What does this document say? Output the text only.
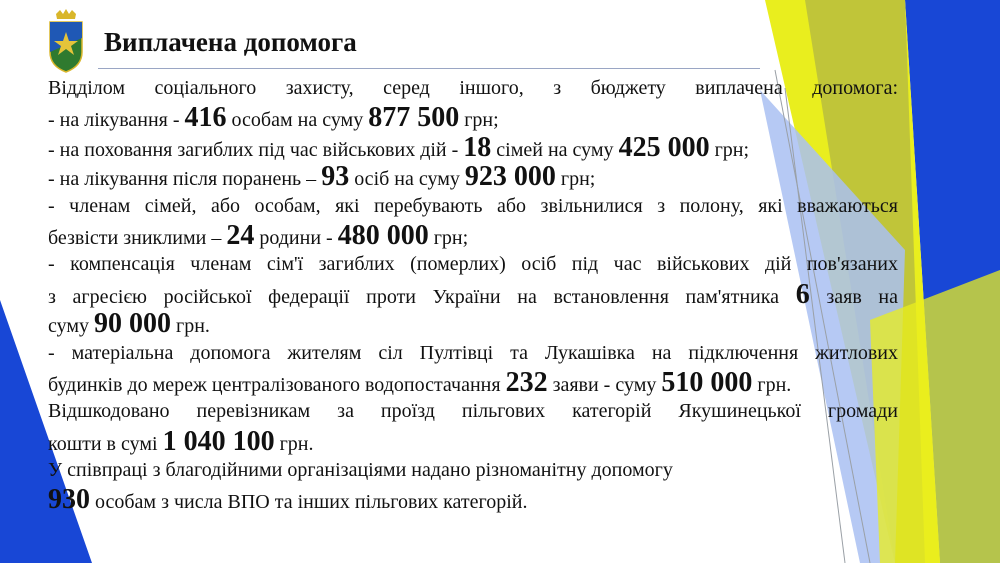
Виплачена допомога
Відділом соціального захисту, серед іншого, з бюджету виплачена допомога:
- на лікування - 416 особам на суму 877 500 грн;
- на поховання загиблих під час військових дій - 18 сімей на суму 425 000 грн;
- на лікування після поранень – 93 осіб на суму 923 000 грн;
- членам сімей, або особам, які перебувають або звільнилися з полону, які вважаються
безвісти зниклими – 24 родини - 480 000 грн;
- компенсація членам сім'ї загиблих (померлих) осіб під час військових дій пов'язаних
з агресією російської федерації проти України на встановлення пам'ятника 6 заяв на
суму 90 000 грн.
- матеріальна допомога жителям сіл Пултівці та Лукашівка на підключення житлових
будинків до мереж централізованого водопостачання 232 заяви - суму 510 000 грн.
Відшкодовано перевізникам за проїзд пільгових категорій Якушинецької громади
кошти в сумі 1 040 100 грн.
У співпраці з благодійними організаціями надано різноманітну допомогу
930 особам з числа ВПО та інших пільгових категорій.
